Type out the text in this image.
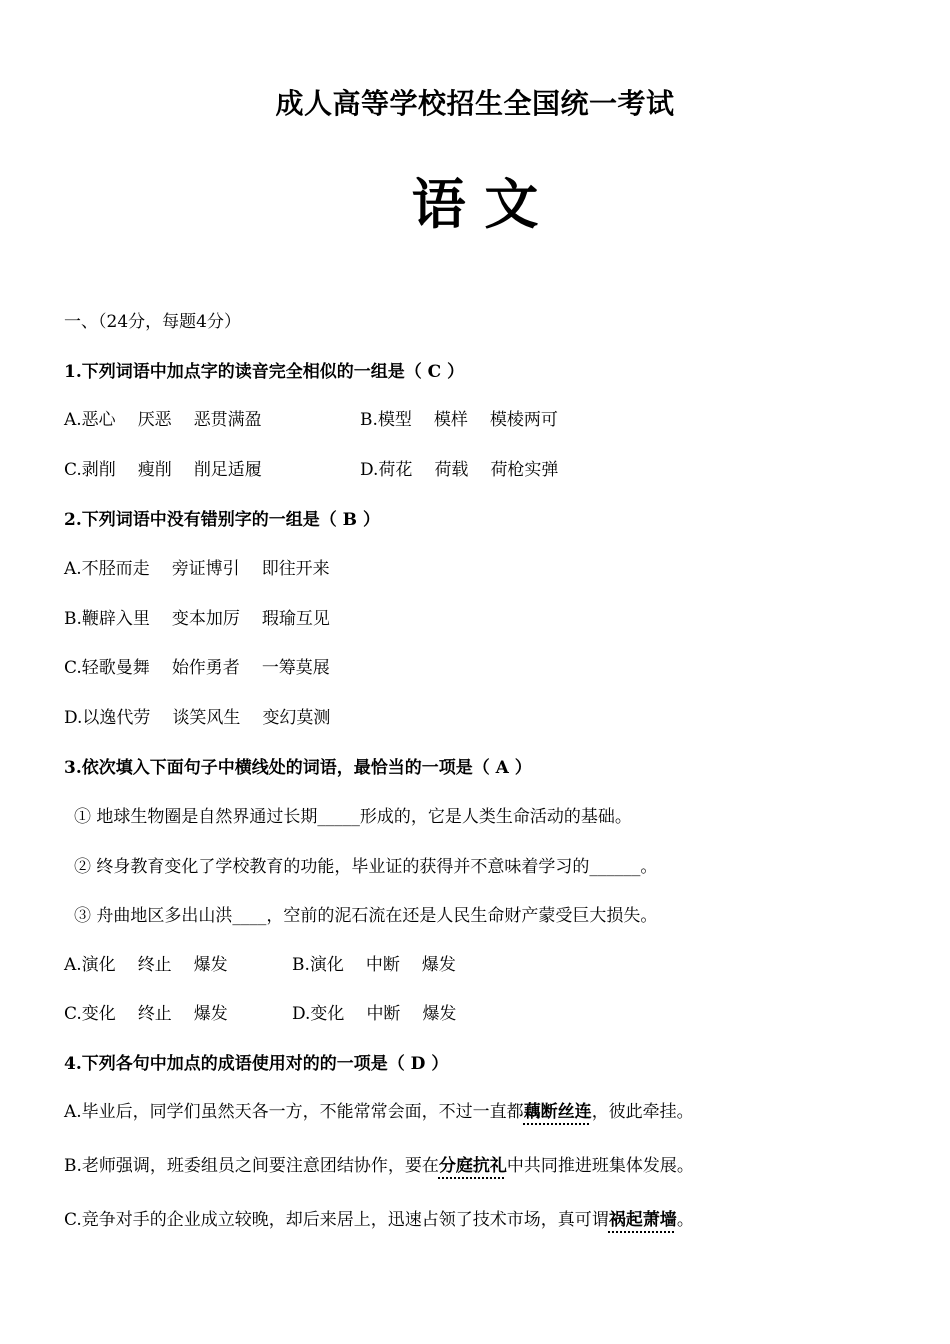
成人高等学校招生全国统一考试
语 文
一、（24分，每题4分）
1.下列词语中加点字的读音完全相似的一组是（ C ）
A.恶心 厌恶 恶贯满盈	B.模型 模样 模棱两可
C.剥削 瘦削 削足适履	D.荷花 荷载 荷枪实弹
2.下列词语中没有错别字的一组是（ B ）
A.不胫而走 旁证博引 即往开来
B.鞭辟入里 变本加厉 瑕瑜互见
C.轻歌曼舞 始作勇者 一筹莫展
D.以逸代劳 谈笑风生 变幻莫测
3.依次填入下面句子中横线处的词语，最恰当的一项是（ A ）
① 地球生物圈是自然界通过长期_____形成的，它是人类生命活动的基础。
② 终身教育变化了学校教育的功能，毕业证的获得并不意味着学习的______。
③ 舟曲地区多出山洪____，空前的泥石流在还是人民生命财产蒙受巨大损失。
A.演化 终止 爆发	B.演化 中断 爆发
C.变化 终止 爆发	D.变化 中断 爆发
4.下列各句中加点的成语使用对的的一项是（ D ）
A.毕业后，同学们虽然天各一方，不能常常会面，不过一直都藕断丝连，彼此牵挂。
B.老师强调，班委组员之间要注意团结协作，要在分庭抗礼中共同推进班集体发展。
C.竞争对手的企业成立较晚，却后来居上，迅速占领了技术市场，真可谓祸起萧墙。
